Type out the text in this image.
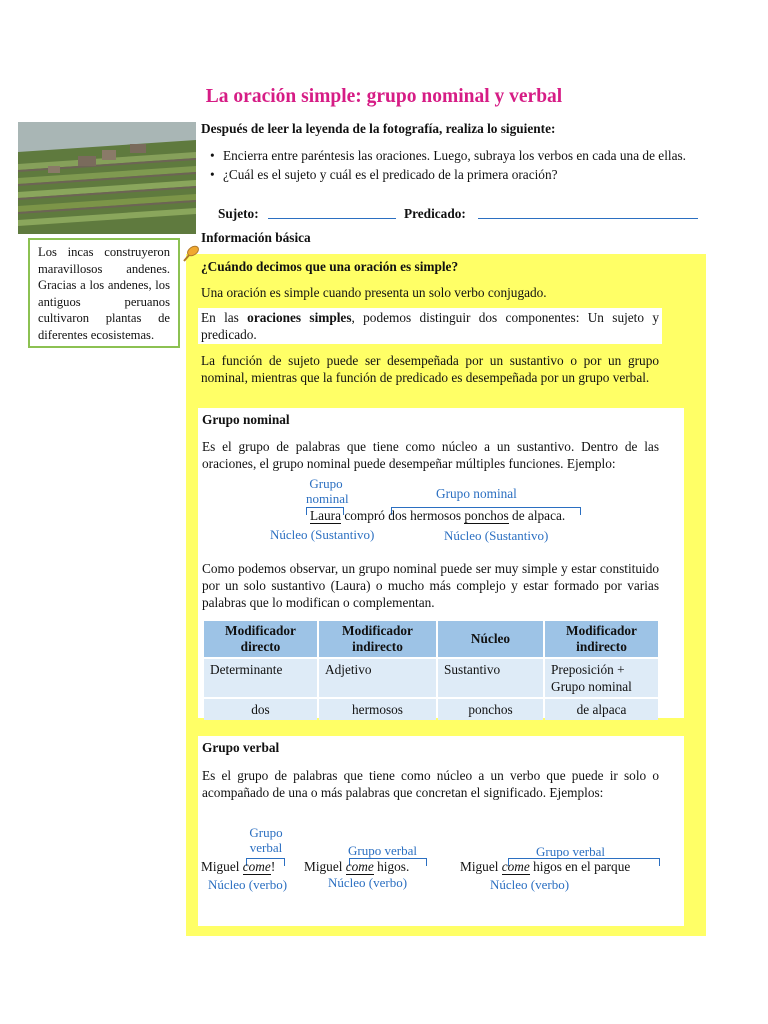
La oración simple: grupo nominal y verbal
Los incas construyeron maravillosos andenes. Gracias a los andenes, los antiguos peruanos cultivaron plantas de diferentes ecosistemas.
Después de leer la leyenda de la fotografía, realiza lo siguiente:
• Encierra entre paréntesis las oraciones. Luego, subraya los verbos en cada una de ellas.
• ¿Cuál es el sujeto y cuál es el predicado de la primera oración?
Sujeto:	Predicado:
Información básica
¿Cuándo decimos que una oración es simple?
Una oración es simple cuando presenta un solo verbo conjugado.
En las oraciones simples, podemos distinguir dos componentes: Un sujeto y predicado.
La función de sujeto puede ser desempeñada por un sustantivo o por un grupo nominal, mientras que la función de predicado es desempeñada por un grupo verbal.
Grupo nominal
Es el grupo de palabras que tiene como núcleo a un sustantivo. Dentro de las oraciones, el grupo nominal puede desempeñar múltiples funciones. Ejemplo:
Grupo
nominal	Grupo nominal
Laura compró dos hermosos ponchos de alpaca.
Núcleo (Sustantivo)	Núcleo (Sustantivo)
Como podemos observar, un grupo nominal puede ser muy simple y estar constituido por un solo sustantivo (Laura) o mucho más complejo y estar formado por varias palabras que lo modifican o complementan.
Modificador directo	Modificador indirecto	Núcleo	Modificador indirecto
Determinante	Adjetivo	Sustantivo	Preposición + Grupo nominal
dos	hermosos	ponchos	de alpaca
Grupo verbal
Es el grupo de palabras que tiene como núcleo a un verbo que puede ir solo o acompañado de una o más palabras que concretan el significado. Ejemplos:
Grupo
verbal
Miguel come!
Núcleo (verbo)
Grupo verbal
Miguel come higos.
Núcleo (verbo)
Grupo verbal
Miguel come higos en el parque
Núcleo (verbo)
